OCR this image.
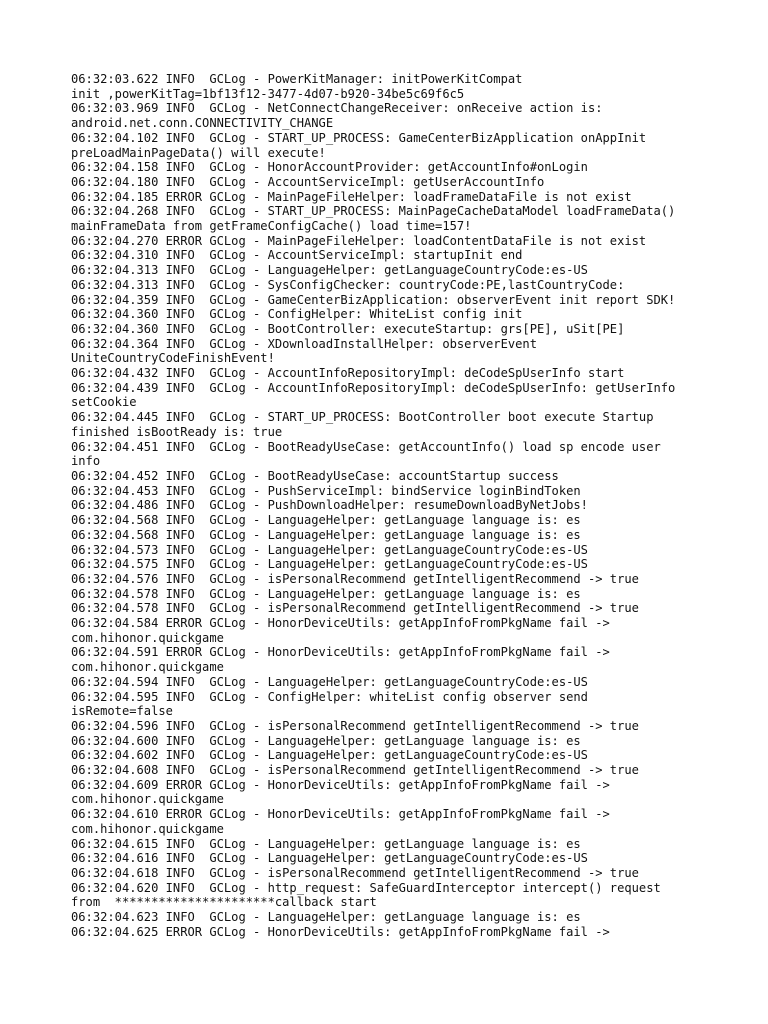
06:32:03.622 INFO  GCLog - PowerKitManager: initPowerKitCompat
init ,powerKitTag=1bf13f12-3477-4d07-b920-34be5c69f6c5
06:32:03.969 INFO  GCLog - NetConnectChangeReceiver: onReceive action is:
android.net.conn.CONNECTIVITY_CHANGE
06:32:04.102 INFO  GCLog - START_UP_PROCESS: GameCenterBizApplication onAppInit
preLoadMainPageData() will execute!
06:32:04.158 INFO  GCLog - HonorAccountProvider: getAccountInfo#onLogin
06:32:04.180 INFO  GCLog - AccountServiceImpl: getUserAccountInfo
06:32:04.185 ERROR GCLog - MainPageFileHelper: loadFrameDataFile is not exist
06:32:04.268 INFO  GCLog - START_UP_PROCESS: MainPageCacheDataModel loadFrameData()
mainFrameData from getFrameConfigCache() load time=157!
06:32:04.270 ERROR GCLog - MainPageFileHelper: loadContentDataFile is not exist
06:32:04.310 INFO  GCLog - AccountServiceImpl: startupInit end
06:32:04.313 INFO  GCLog - LanguageHelper: getLanguageCountryCode:es-US
06:32:04.313 INFO  GCLog - SysConfigChecker: countryCode:PE,lastCountryCode:
06:32:04.359 INFO  GCLog - GameCenterBizApplication: observerEvent init report SDK!
06:32:04.360 INFO  GCLog - ConfigHelper: WhiteList config init
06:32:04.360 INFO  GCLog - BootController: executeStartup: grs[PE], uSit[PE]
06:32:04.364 INFO  GCLog - XDownloadInstallHelper: observerEvent
UniteCountryCodeFinishEvent!
06:32:04.432 INFO  GCLog - AccountInfoRepositoryImpl: deCodeSpUserInfo start
06:32:04.439 INFO  GCLog - AccountInfoRepositoryImpl: deCodeSpUserInfo: getUserInfo
setCookie
06:32:04.445 INFO  GCLog - START_UP_PROCESS: BootController boot execute Startup
finished isBootReady is: true
06:32:04.451 INFO  GCLog - BootReadyUseCase: getAccountInfo() load sp encode user
info
06:32:04.452 INFO  GCLog - BootReadyUseCase: accountStartup success
06:32:04.453 INFO  GCLog - PushServiceImpl: bindService loginBindToken
06:32:04.486 INFO  GCLog - PushDownloadHelper: resumeDownloadByNetJobs!
06:32:04.568 INFO  GCLog - LanguageHelper: getLanguage language is: es
06:32:04.568 INFO  GCLog - LanguageHelper: getLanguage language is: es
06:32:04.573 INFO  GCLog - LanguageHelper: getLanguageCountryCode:es-US
06:32:04.575 INFO  GCLog - LanguageHelper: getLanguageCountryCode:es-US
06:32:04.576 INFO  GCLog - isPersonalRecommend getIntelligentRecommend -> true
06:32:04.578 INFO  GCLog - LanguageHelper: getLanguage language is: es
06:32:04.578 INFO  GCLog - isPersonalRecommend getIntelligentRecommend -> true
06:32:04.584 ERROR GCLog - HonorDeviceUtils: getAppInfoFromPkgName fail ->
com.hihonor.quickgame
06:32:04.591 ERROR GCLog - HonorDeviceUtils: getAppInfoFromPkgName fail ->
com.hihonor.quickgame
06:32:04.594 INFO  GCLog - LanguageHelper: getLanguageCountryCode:es-US
06:32:04.595 INFO  GCLog - ConfigHelper: whiteList config observer send
isRemote=false
06:32:04.596 INFO  GCLog - isPersonalRecommend getIntelligentRecommend -> true
06:32:04.600 INFO  GCLog - LanguageHelper: getLanguage language is: es
06:32:04.602 INFO  GCLog - LanguageHelper: getLanguageCountryCode:es-US
06:32:04.608 INFO  GCLog - isPersonalRecommend getIntelligentRecommend -> true
06:32:04.609 ERROR GCLog - HonorDeviceUtils: getAppInfoFromPkgName fail ->
com.hihonor.quickgame
06:32:04.610 ERROR GCLog - HonorDeviceUtils: getAppInfoFromPkgName fail ->
com.hihonor.quickgame
06:32:04.615 INFO  GCLog - LanguageHelper: getLanguage language is: es
06:32:04.616 INFO  GCLog - LanguageHelper: getLanguageCountryCode:es-US
06:32:04.618 INFO  GCLog - isPersonalRecommend getIntelligentRecommend -> true
06:32:04.620 INFO  GCLog - http_request: SafeGuardInterceptor intercept() request
from  **********************callback start
06:32:04.623 INFO  GCLog - LanguageHelper: getLanguage language is: es
06:32:04.625 ERROR GCLog - HonorDeviceUtils: getAppInfoFromPkgName fail ->
